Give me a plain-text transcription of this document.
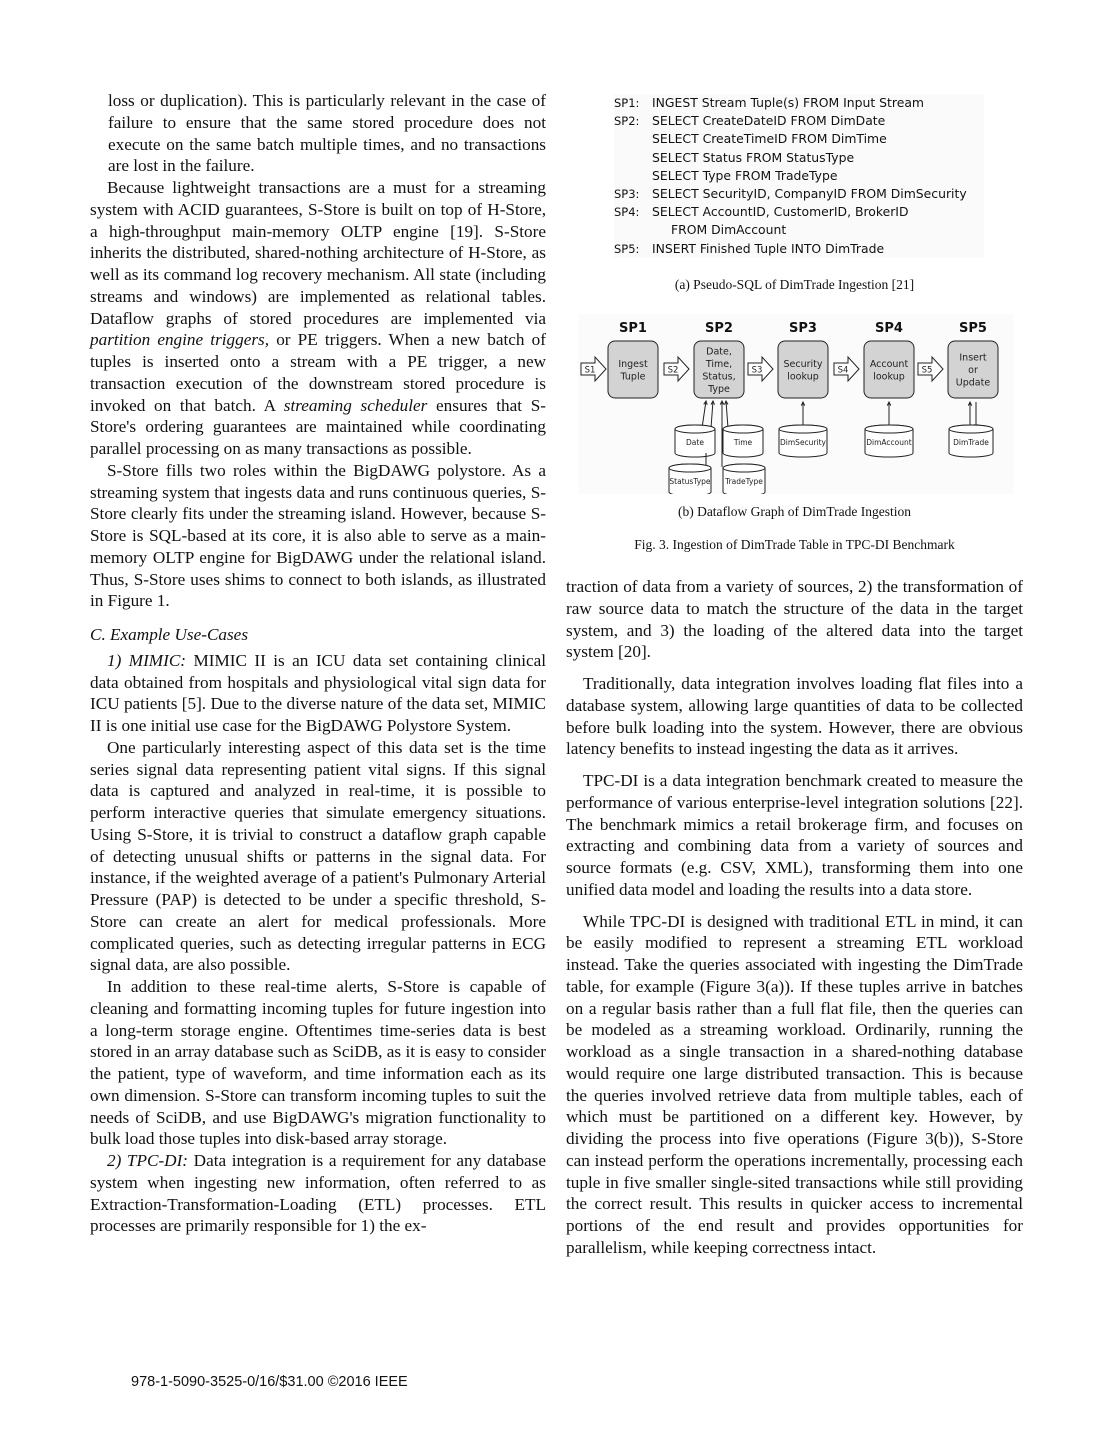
loss or duplication). This is particularly relevant in the case of failure to ensure that the same stored procedure does not execute on the same batch multiple times, and no transactions are lost in the failure.

Because lightweight transactions are a must for a streaming system with ACID guarantees, S-Store is built on top of H-Store, a high-throughput main-memory OLTP engine [19]. S-Store inherits the distributed, shared-nothing architecture of H-Store, as well as its command log recovery mechanism. All state (including streams and windows) are implemented as relational tables. Dataflow graphs of stored procedures are implemented via partition engine triggers, or PE triggers. When a new batch of tuples is inserted onto a stream with a PE trigger, a new transaction execution of the downstream stored procedure is invoked on that batch. A streaming scheduler ensures that S-Store's ordering guarantees are maintained while coordinating parallel processing on as many transactions as possible.

S-Store fills two roles within the BigDAWG polystore. As a streaming system that ingests data and runs continuous queries, S-Store clearly fits under the streaming island. However, because S-Store is SQL-based at its core, it is also able to serve as a main-memory OLTP engine for BigDAWG under the relational island. Thus, S-Store uses shims to connect to both islands, as illustrated in Figure 1.

C. Example Use-Cases

1) MIMIC: MIMIC II is an ICU data set containing clinical data obtained from hospitals and physiological vital sign data for ICU patients [5]. Due to the diverse nature of the data set, MIMIC II is one initial use case for the BigDAWG Polystore System.

One particularly interesting aspect of this data set is the time series signal data representing patient vital signs. If this signal data is captured and analyzed in real-time, it is possible to perform interactive queries that simulate emergency situations. Using S-Store, it is trivial to construct a dataflow graph capable of detecting unusual shifts or patterns in the signal data. For instance, if the weighted average of a patient's Pulmonary Arterial Pressure (PAP) is detected to be under a specific threshold, S-Store can create an alert for medical professionals. More complicated queries, such as detecting irregular patterns in ECG signal data, are also possible.

In addition to these real-time alerts, S-Store is capable of cleaning and formatting incoming tuples for future ingestion into a long-term storage engine. Oftentimes time-series data is best stored in an array database such as SciDB, as it is easy to consider the patient, type of waveform, and time information each as its own dimension. S-Store can transform incoming tuples to suit the needs of SciDB, and use BigDAWG's migration functionality to bulk load those tuples into disk-based array storage.

2) TPC-DI: Data integration is a requirement for any database system when ingesting new information, often referred to as Extraction-Transformation-Loading (ETL) processes. ETL processes are primarily responsible for 1) the ex-

SP1:	INGEST Stream Tuple(s) FROM Input Stream
SP2:	SELECT CreateDateID FROM DimDate
SELECT CreateTimeID FROM DimTime
SELECT Status FROM StatusType
SELECT Type FROM TradeType
SP3:	SELECT SecurityID, CompanyID FROM DimSecurity
SP4:	SELECT AccountID, CustomerID, BrokerID
FROM DimAccount
SP5:	INSERT Finished Tuple INTO DimTrade
(a) Pseudo-SQL of DimTrade Ingestion [21]
SP1
Ingest
Tuple
SP2
Date,
Time,
Status,
Type
SP3
Security
lookup
SP4
Account
lookup
SP5
Insert
or
Update
S1	S2	S3	S4	S5
Date	Time
StatusType TradeType
DimSecurity	DimAccount	DimTrade
(b) Dataflow Graph of DimTrade Ingestion
Fig. 3. Ingestion of DimTrade Table in TPC-DI Benchmark

traction of data from a variety of sources, 2) the transformation of raw source data to match the structure of the data in the target system, and 3) the loading of the altered data into the target system [20].

Traditionally, data integration involves loading flat files into a database system, allowing large quantities of data to be collected before bulk loading into the system. However, there are obvious latency benefits to instead ingesting the data as it arrives.

TPC-DI is a data integration benchmark created to measure the performance of various enterprise-level integration solutions [22]. The benchmark mimics a retail brokerage firm, and focuses on extracting and combining data from a variety of sources and source formats (e.g. CSV, XML), transforming them into one unified data model and loading the results into a data store.

While TPC-DI is designed with traditional ETL in mind, it can be easily modified to represent a streaming ETL workload instead. Take the queries associated with ingesting the DimTrade table, for example (Figure 3(a)). If these tuples arrive in batches on a regular basis rather than a full flat file, then the queries can be modeled as a streaming workload. Ordinarily, running the workload as a single transaction in a shared-nothing database would require one large distributed transaction. This is because the queries involved retrieve data from multiple tables, each of which must be partitioned on a different key. However, by dividing the process into five operations (Figure 3(b)), S-Store can instead perform the operations incrementally, processing each tuple in five smaller single-sited transactions while still providing the correct result. This results in quicker access to incremental portions of the end result and provides opportunities for parallelism, while keeping correctness intact.

978-1-5090-3525-0/16/$31.00 ©2016 IEEE
